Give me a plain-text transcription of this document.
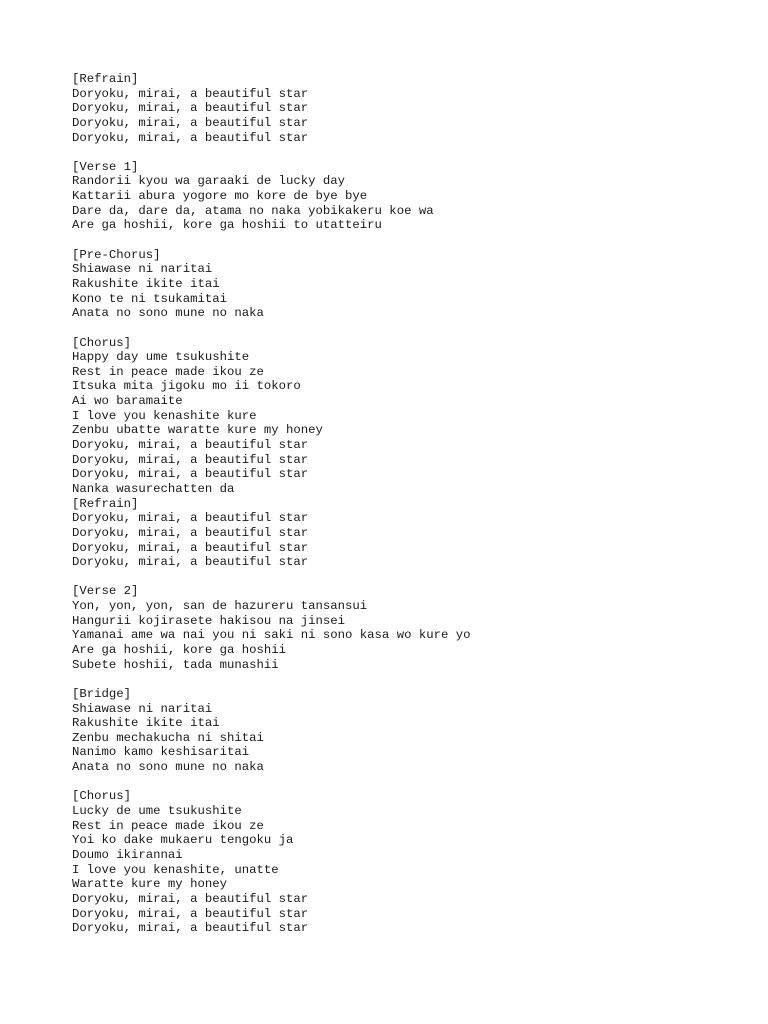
[Refrain]
Doryoku, mirai, a beautiful star
Doryoku, mirai, a beautiful star
Doryoku, mirai, a beautiful star
Doryoku, mirai, a beautiful star
[Verse 1]
Randorii kyou wa garaaki de lucky day
Kattarii abura yogore mo kore de bye bye
Dare da, dare da, atama no naka yobikakeru koe wa
Are ga hoshii, kore ga hoshii to utatteiru
[Pre-Chorus]
Shiawase ni naritai
Rakushite ikite itai
Kono te ni tsukamitai
Anata no sono mune no naka
[Chorus]
Happy day ume tsukushite
Rest in peace made ikou ze
Itsuka mita jigoku mo ii tokoro
Ai wo baramaite
I love you kenashite kure
Zenbu ubatte waratte kure my honey
Doryoku, mirai, a beautiful star
Doryoku, mirai, a beautiful star
Doryoku, mirai, a beautiful star
Nanka wasurechatten da
[Refrain]
Doryoku, mirai, a beautiful star
Doryoku, mirai, a beautiful star
Doryoku, mirai, a beautiful star
Doryoku, mirai, a beautiful star
[Verse 2]
Yon, yon, yon, san de hazureru tansansui
Hangurii kojirasete hakisou na jinsei
Yamanai ame wa nai you ni saki ni sono kasa wo kure yo
Are ga hoshii, kore ga hoshii
Subete hoshii, tada munashii
[Bridge]
Shiawase ni naritai
Rakushite ikite itai
Zenbu mechakucha ni shitai
Nanimo kamo keshisaritai
Anata no sono mune no naka
[Chorus]
Lucky de ume tsukushite
Rest in peace made ikou ze
Yoi ko dake mukaeru tengoku ja
Doumo ikirannai
I love you kenashite, unatte
Waratte kure my honey
Doryoku, mirai, a beautiful star
Doryoku, mirai, a beautiful star
Doryoku, mirai, a beautiful star
